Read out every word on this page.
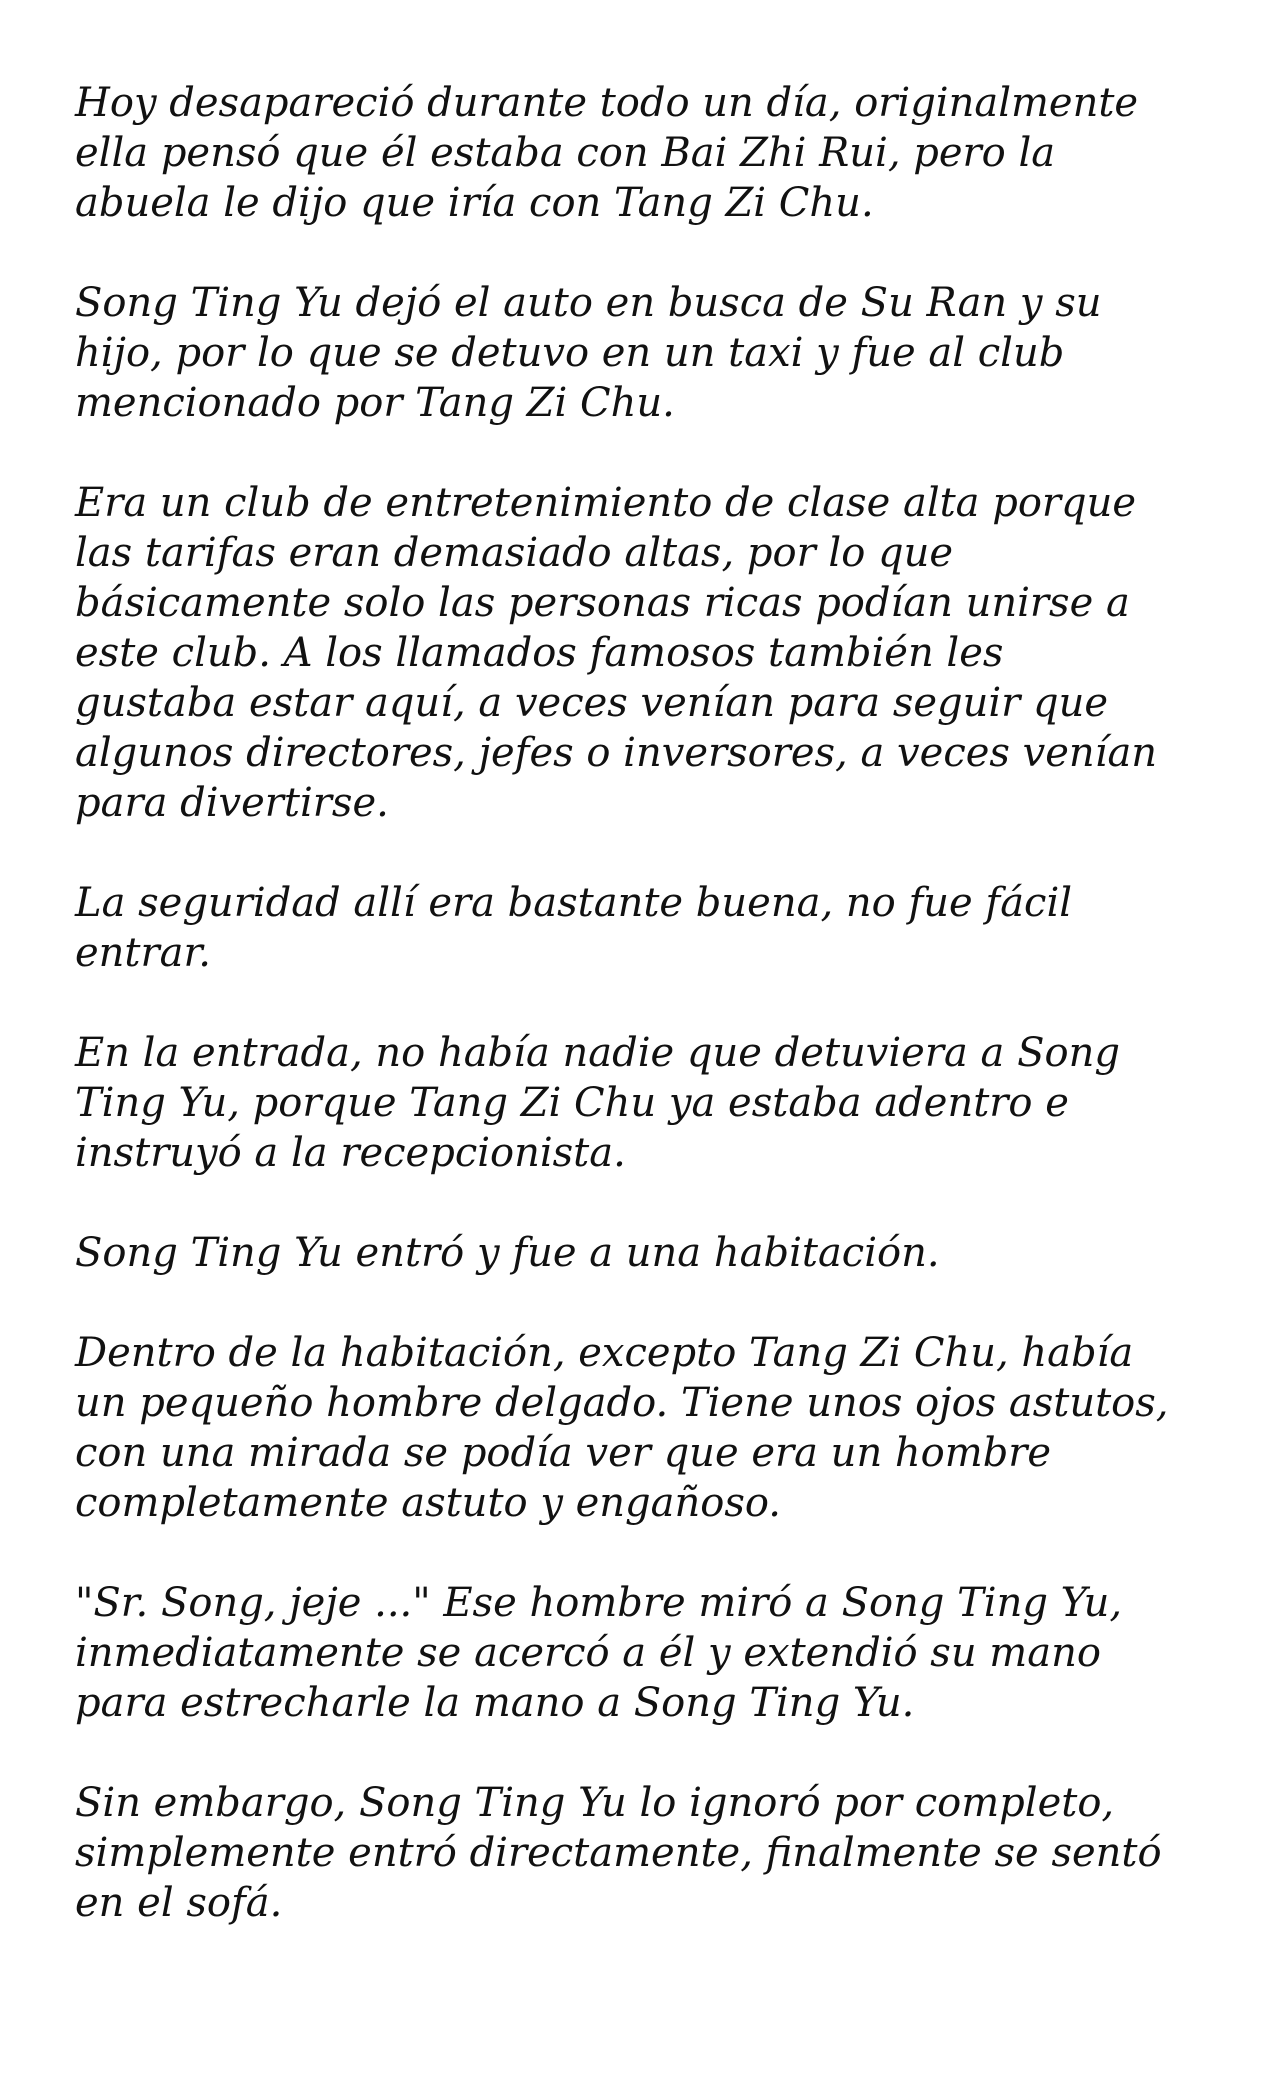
Hoy desapareció durante todo un día, originalmente
ella pensó que él estaba con Bai Zhi Rui, pero la
abuela le dijo que iría con Tang Zi Chu.

Song Ting Yu dejó el auto en busca de Su Ran y su
hijo, por lo que se detuvo en un taxi y fue al club
mencionado por Tang Zi Chu.

Era un club de entretenimiento de clase alta porque
las tarifas eran demasiado altas, por lo que
básicamente solo las personas ricas podían unirse a
este club. A los llamados famosos también les
gustaba estar aquí, a veces venían para seguir que
algunos directores, jefes o inversores, a veces venían
para divertirse.

La seguridad allí era bastante buena, no fue fácil
entrar.

En la entrada, no había nadie que detuviera a Song
Ting Yu, porque Tang Zi Chu ya estaba adentro e
instruyó a la recepcionista.

Song Ting Yu entró y fue a una habitación.

Dentro de la habitación, excepto Tang Zi Chu, había
un pequeño hombre delgado. Tiene unos ojos astutos,
con una mirada se podía ver que era un hombre
completamente astuto y engañoso.

"Sr. Song, jeje ..." Ese hombre miró a Song Ting Yu,
inmediatamente se acercó a él y extendió su mano
para estrecharle la mano a Song Ting Yu.

Sin embargo, Song Ting Yu lo ignoró por completo,
simplemente entró directamente, finalmente se sentó
en el sofá.
